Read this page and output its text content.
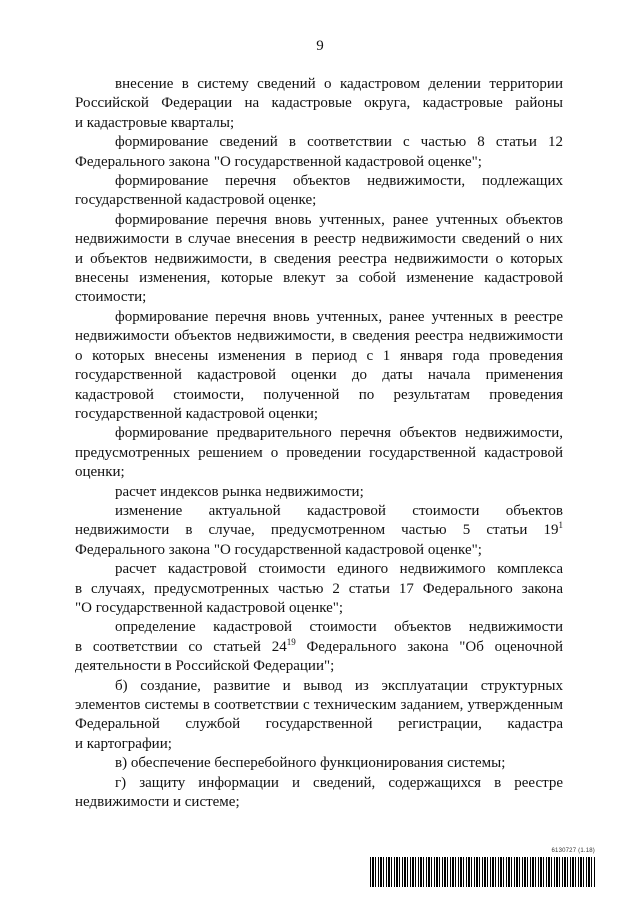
9

внесение в систему сведений о кадастровом делении территории
Российской Федерации на кадастровые округа, кадастровые районы
и кадастровые кварталы;

формирование сведений в соответствии с частью 8 статьи 12
Федерального закона "О государственной кадастровой оценке";

формирование перечня объектов недвижимости, подлежащих
государственной кадастровой оценке;

формирование перечня вновь учтенных, ранее учтенных объектов
недвижимости в случае внесения в реестр недвижимости сведений о них
и объектов недвижимости, в сведения реестра недвижимости о которых
внесены изменения, которые влекут за собой изменение кадастровой
стоимости;

формирование перечня вновь учтенных, ранее учтенных в реестре
недвижимости объектов недвижимости, в сведения реестра недвижимости
о которых внесены изменения в период с 1 января года проведения
государственной кадастровой оценки до даты начала применения
кадастровой стоимости, полученной по результатам проведения
государственной кадастровой оценки;

формирование предварительного перечня объектов недвижимости,
предусмотренных решением о проведении государственной кадастровой
оценки;

расчет индексов рынка недвижимости;

изменение актуальной кадастровой стоимости объектов
недвижимости в случае, предусмотренном частью 5 статьи $19^1$
Федерального закона "О государственной кадастровой оценке";

расчет кадастровой стоимости единого недвижимого комплекса
в случаях, предусмотренных частью 2 статьи 17 Федерального закона
"О государственной кадастровой оценке";

определение кадастровой стоимости объектов недвижимости
в соответствии со статьей $24^{19}$ Федерального закона "Об оценочной
деятельности в Российской Федерации";

б) создание, развитие и вывод из эксплуатации структурных
элементов системы в соответствии с техническим заданием, утвержденным
Федеральной службой государственной регистрации, кадастра
и картографии;

в) обеспечение бесперебойного функционирования системы;

г) защиту информации и сведений, содержащихся в реестре
недвижимости и системе;

6130727 (1.18)
